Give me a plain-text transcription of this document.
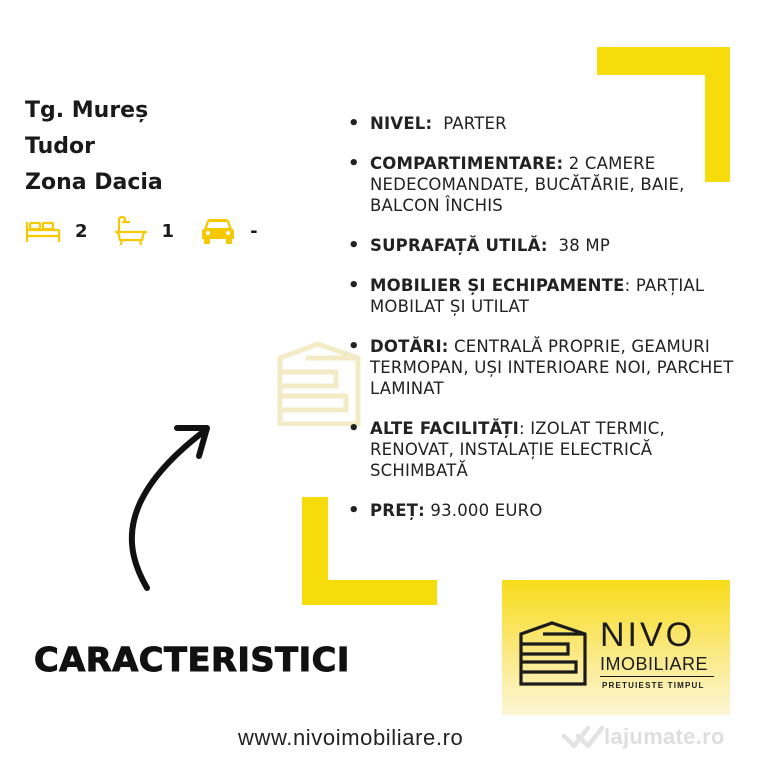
Tg. Mureș
Tudor
Zona Dacia
2	1	-
• NIVEL:  PARTER
• COMPARTIMENTARE: 2 CAMERE NEDECOMANDATE, BUCĂTĂRIE, BAIE, BALCON ÎNCHIS
• SUPRAFAȚĂ UTILĂ:  38 MP
• MOBILIER ȘI ECHIPAMENTE: PARȚIAL MOBILAT ȘI UTILAT
• DOTĂRI: CENTRALĂ PROPRIE, GEAMURI TERMOPAN, UȘI INTERIOARE NOI, PARCHET LAMINAT
• ALTE FACILITĂȚI: IZOLAT TERMIC, RENOVAT, INSTALAȚIE ELECTRICĂ SCHIMBATĂ
• PREȚ: 93.000 EURO
CARACTERISTICI
NIVO
IMOBILIARE
PRETUIESTE TIMPUL
www.nivoimobiliare.ro	lajumate.ro
